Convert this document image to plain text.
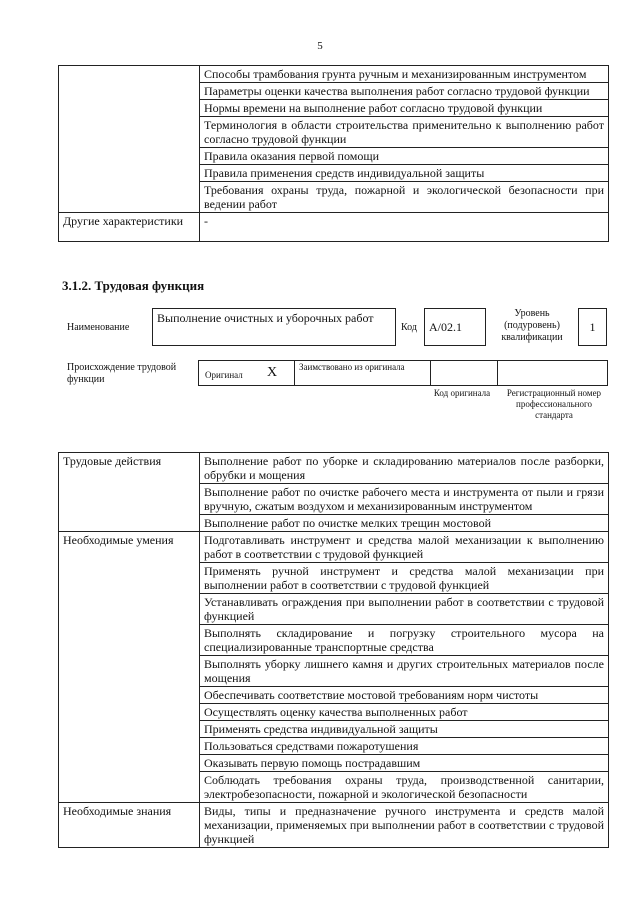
5
	Способы трамбования грунта ручным и механизированным инструментом
	Параметры оценки качества выполнения работ согласно трудовой функции
	Нормы времени на выполнение работ согласно трудовой функции
	Терминология в области строительства применительно к выполнению работ согласно трудовой функции
	Правила оказания первой помощи
	Правила применения средств индивидуальной защиты
	Требования охраны труда, пожарной и экологической безопасности при ведении работ
Другие характеристики	-
3.1.2. Трудовая функция
Наименование
Выполнение очистных и уборочных работ
Код	A/02.1
Уровень (подуровень) квалификации
1
Происхождение трудовой функции	Оригинал X Заимствовано из оригинала
Код оригинала	Регистрационный номер профессионального стандарта
Трудовые действия	Выполнение работ по уборке и складированию материалов после разборки, обрубки и мощения
	Выполнение работ по очистке рабочего места и инструмента от пыли и грязи вручную, сжатым воздухом и механизированным инструментом
	Выполнение работ по очистке мелких трещин мостовой
Необходимые умения	Подготавливать инструмент и средства малой механизации к выполнению работ в соответствии с трудовой функцией
	Применять ручной инструмент и средства малой механизации при выполнении работ в соответствии с трудовой функцией
	Устанавливать ограждения при выполнении работ в соответствии с трудовой функцией
	Выполнять складирование и погрузку строительного мусора на специализированные транспортные средства
	Выполнять уборку лишнего камня и других строительных материалов после мощения
	Обеспечивать соответствие мостовой требованиям норм чистоты
	Осуществлять оценку качества выполненных работ
	Применять средства индивидуальной защиты
	Пользоваться средствами пожаротушения
	Оказывать первую помощь пострадавшим
	Соблюдать требования охраны труда, производственной санитарии, электробезопасности, пожарной и экологической безопасности
Необходимые знания	Виды, типы и предназначение ручного инструмента и средств малой механизации, применяемых при выполнении работ в соответствии с трудовой функцией
